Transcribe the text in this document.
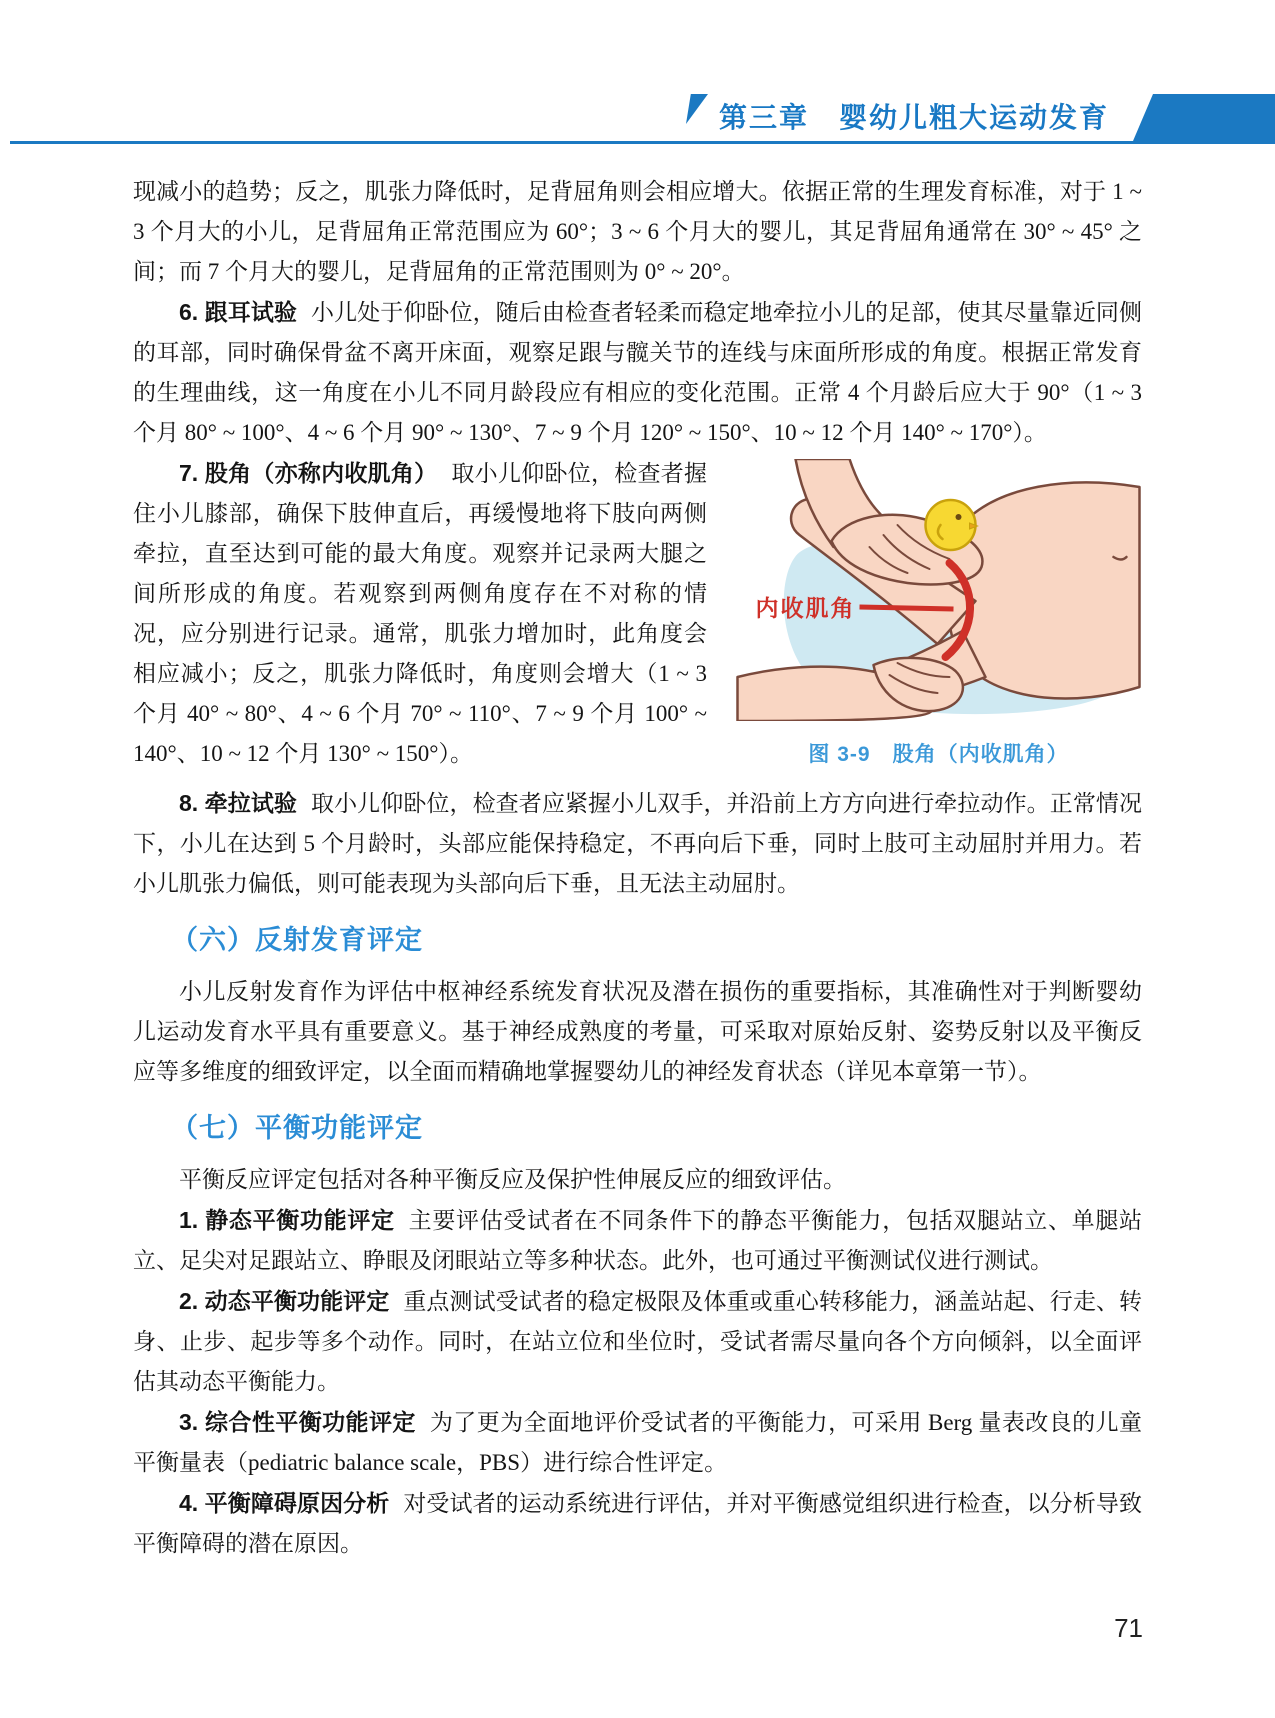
第三章　婴幼儿粗大运动发育

现减小的趋势；反之，肌张力降低时，足背屈角则会相应增大。依据正常的生理发育标准，对于 1 ~ 3 个月大的小儿，足背屈角正常范围应为 60°；3 ~ 6 个月大的婴儿，其足背屈角通常在 30° ~ 45° 之间；而 7 个月大的婴儿，足背屈角的正常范围则为 0° ~ 20°。

6. 跟耳试验 小儿处于仰卧位，随后由检查者轻柔而稳定地牵拉小儿的足部，使其尽量靠近同侧的耳部，同时确保骨盆不离开床面，观察足跟与髋关节的连线与床面所形成的角度。根据正常发育的生理曲线，这一角度在小儿不同月龄段应有相应的变化范围。正常 4 个月龄后应大于 90°（1 ~ 3 个月 80° ~ 100°、4 ~ 6 个月 90° ~ 130°、7 ~ 9 个月 120° ~ 150°、10 ~ 12 个月 140° ~ 170°）。

内收肌角
图 3-9　股角（内收肌角）

7. 股角（亦称内收肌角） 取小儿仰卧位，检查者握住小儿膝部，确保下肢伸直后，再缓慢地将下肢向两侧牵拉，直至达到可能的最大角度。观察并记录两大腿之间所形成的角度。若观察到两侧角度存在不对称的情况，应分别进行记录。通常，肌张力增加时，此角度会相应减小；反之，肌张力降低时，角度则会增大（1 ~ 3 个月 40° ~ 80°、4 ~ 6 个月 70° ~ 110°、7 ~ 9 个月 100° ~ 140°、10 ~ 12 个月 130° ~ 150°）。

8. 牵拉试验 取小儿仰卧位，检查者应紧握小儿双手，并沿前上方方向进行牵拉动作。正常情况下，小儿在达到 5 个月龄时，头部应能保持稳定，不再向后下垂，同时上肢可主动屈肘并用力。若小儿肌张力偏低，则可能表现为头部向后下垂，且无法主动屈肘。

（六）反射发育评定

小儿反射发育作为评估中枢神经系统发育状况及潜在损伤的重要指标，其准确性对于判断婴幼儿运动发育水平具有重要意义。基于神经成熟度的考量，可采取对原始反射、姿势反射以及平衡反应等多维度的细致评定，以全面而精确地掌握婴幼儿的神经发育状态（详见本章第一节）。

（七）平衡功能评定

平衡反应评定包括对各种平衡反应及保护性伸展反应的细致评估。

1. 静态平衡功能评定 主要评估受试者在不同条件下的静态平衡能力，包括双腿站立、单腿站立、足尖对足跟站立、睁眼及闭眼站立等多种状态。此外，也可通过平衡测试仪进行测试。

2. 动态平衡功能评定 重点测试受试者的稳定极限及体重或重心转移能力，涵盖站起、行走、转身、止步、起步等多个动作。同时，在站立位和坐位时，受试者需尽量向各个方向倾斜，以全面评估其动态平衡能力。

3. 综合性平衡功能评定 为了更为全面地评价受试者的平衡能力，可采用 Berg 量表改良的儿童平衡量表（pediatric balance scale，PBS）进行综合性评定。

4. 平衡障碍原因分析 对受试者的运动系统进行评估，并对平衡感觉组织进行检查，以分析导致平衡障碍的潜在原因。

71
